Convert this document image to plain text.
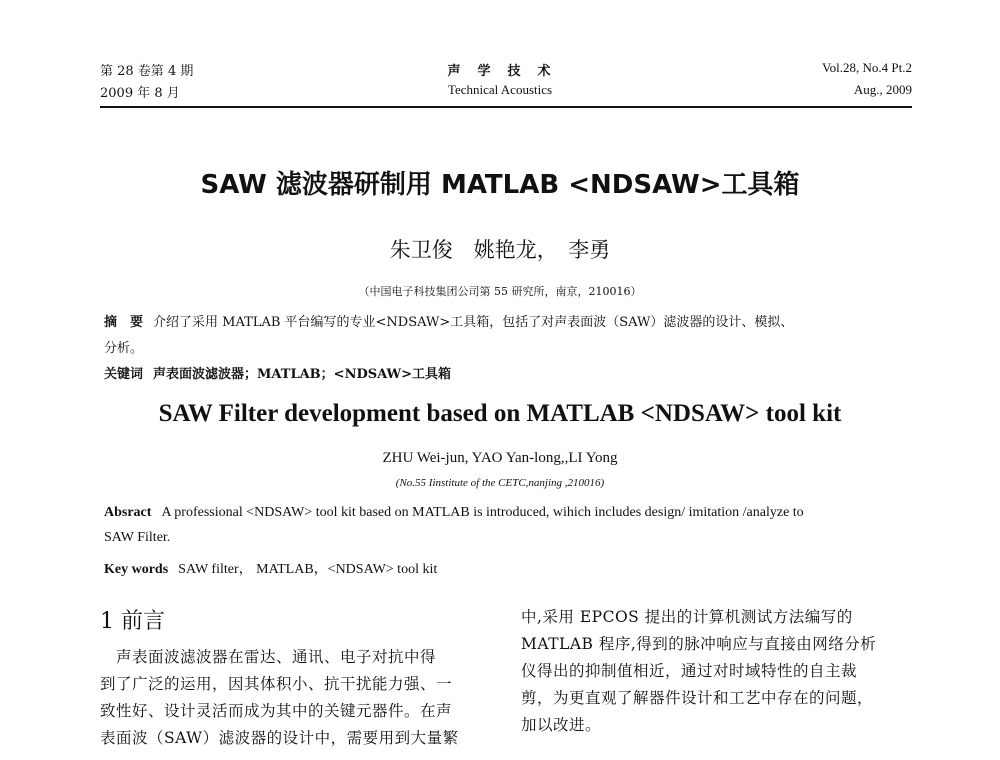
第 28 卷第 4 期
2009 年 8 月
声　学　技　术
Technical Acoustics
Vol.28, No.4 Pt.2
Aug., 2009
SAW 滤波器研制用 MATLAB <NDSAW>工具箱
朱卫俊　姚艳龙，　李勇
（中国电子科技集团公司第 55 研究所，南京，210016）
摘　要 介绍了采用 MATLAB 平台编写的专业<NDSAW>工具箱，包括了对声表面波（SAW）滤波器的设计、模拟、
分析。
关键词 声表面波滤波器；MATLAB；<NDSAW>工具箱
SAW Filter development based on MATLAB <NDSAW> tool kit
ZHU Wei-jun, YAO Yan-long,,LI Yong
(No.55 Iinstitute of the CETC,nanjing ,210016)
Absract A professional <NDSAW> tool kit based on MATLAB is introduced, wihich includes design/ imitation /analyze to
SAW Filter.
Key words SAW filter， MATLAB，<NDSAW> tool kit
1 前言
　声表面波滤波器在雷达、通讯、电子对抗中得
到了广泛的运用，因其体积小、抗干扰能力强、一
致性好、设计灵活而成为其中的关键元器件。在声
表面波（SAW）滤波器的设计中，需要用到大量繁
中,采用 EPCOS 提出的计算机测试方法编写的
MATLAB 程序,得到的脉冲响应与直接由网络分析
仪得出的抑制值相近，通过对时域特性的自主裁
剪，为更直观了解器件设计和工艺中存在的问题，
加以改进。
